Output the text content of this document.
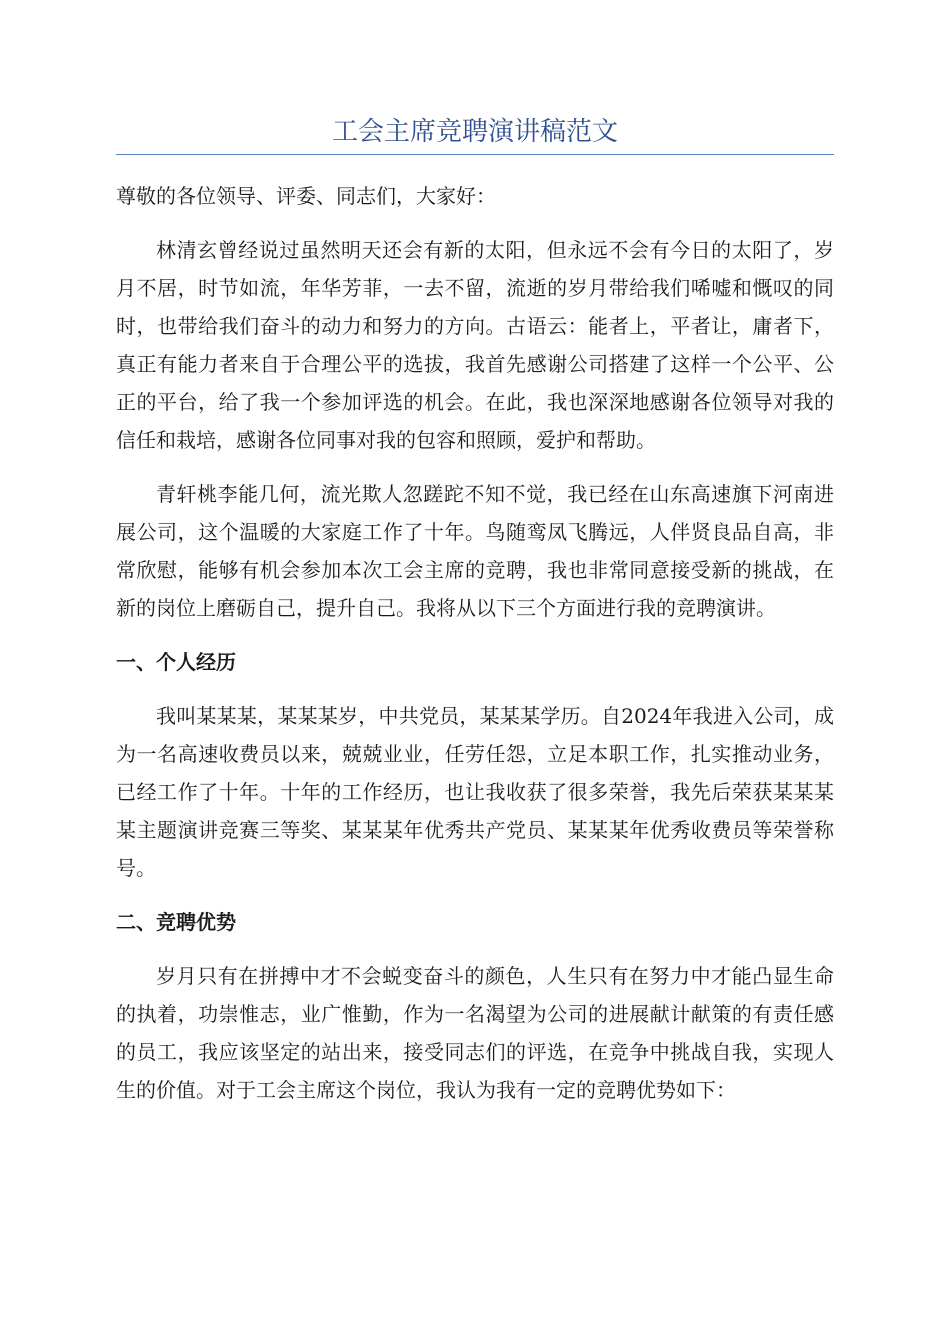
工会主席竞聘演讲稿范文

尊敬的各位领导、评委、同志们，大家好：

林清玄曾经说过虽然明天还会有新的太阳，但永远不会有今日的太阳了，岁月不居，时节如流，年华芳菲，一去不留，流逝的岁月带给我们唏嘘和慨叹的同时，也带给我们奋斗的动力和努力的方向。古语云：能者上，平者让，庸者下，真正有能力者来自于合理公平的选拔，我首先感谢公司搭建了这样一个公平、公正的平台，给了我一个参加评选的机会。在此，我也深深地感谢各位领导对我的信任和栽培，感谢各位同事对我的包容和照顾，爱护和帮助。

青轩桃李能几何，流光欺人忽蹉跎不知不觉，我已经在山东高速旗下河南进展公司，这个温暖的大家庭工作了十年。鸟随鸾凤飞腾远，人伴贤良品自高，非常欣慰，能够有机会参加本次工会主席的竞聘，我也非常同意接受新的挑战，在新的岗位上磨砺自己，提升自己。我将从以下三个方面进行我的竞聘演讲。

一、个人经历

我叫某某某，某某某岁，中共党员，某某某学历。自2024年我进入公司，成为一名高速收费员以来，兢兢业业，任劳任怨，立足本职工作，扎实推动业务，已经工作了十年。十年的工作经历，也让我收获了很多荣誉，我先后荣获某某某某主题演讲竞赛三等奖、某某某年优秀共产党员、某某某年优秀收费员等荣誉称号。

二、竞聘优势

岁月只有在拼搏中才不会蜕变奋斗的颜色，人生只有在努力中才能凸显生命的执着，功崇惟志，业广惟勤，作为一名渴望为公司的进展献计献策的有责任感的员工，我应该坚定的站出来，接受同志们的评选，在竞争中挑战自我，实现人生的价值。对于工会主席这个岗位，我认为我有一定的竞聘优势如下：
